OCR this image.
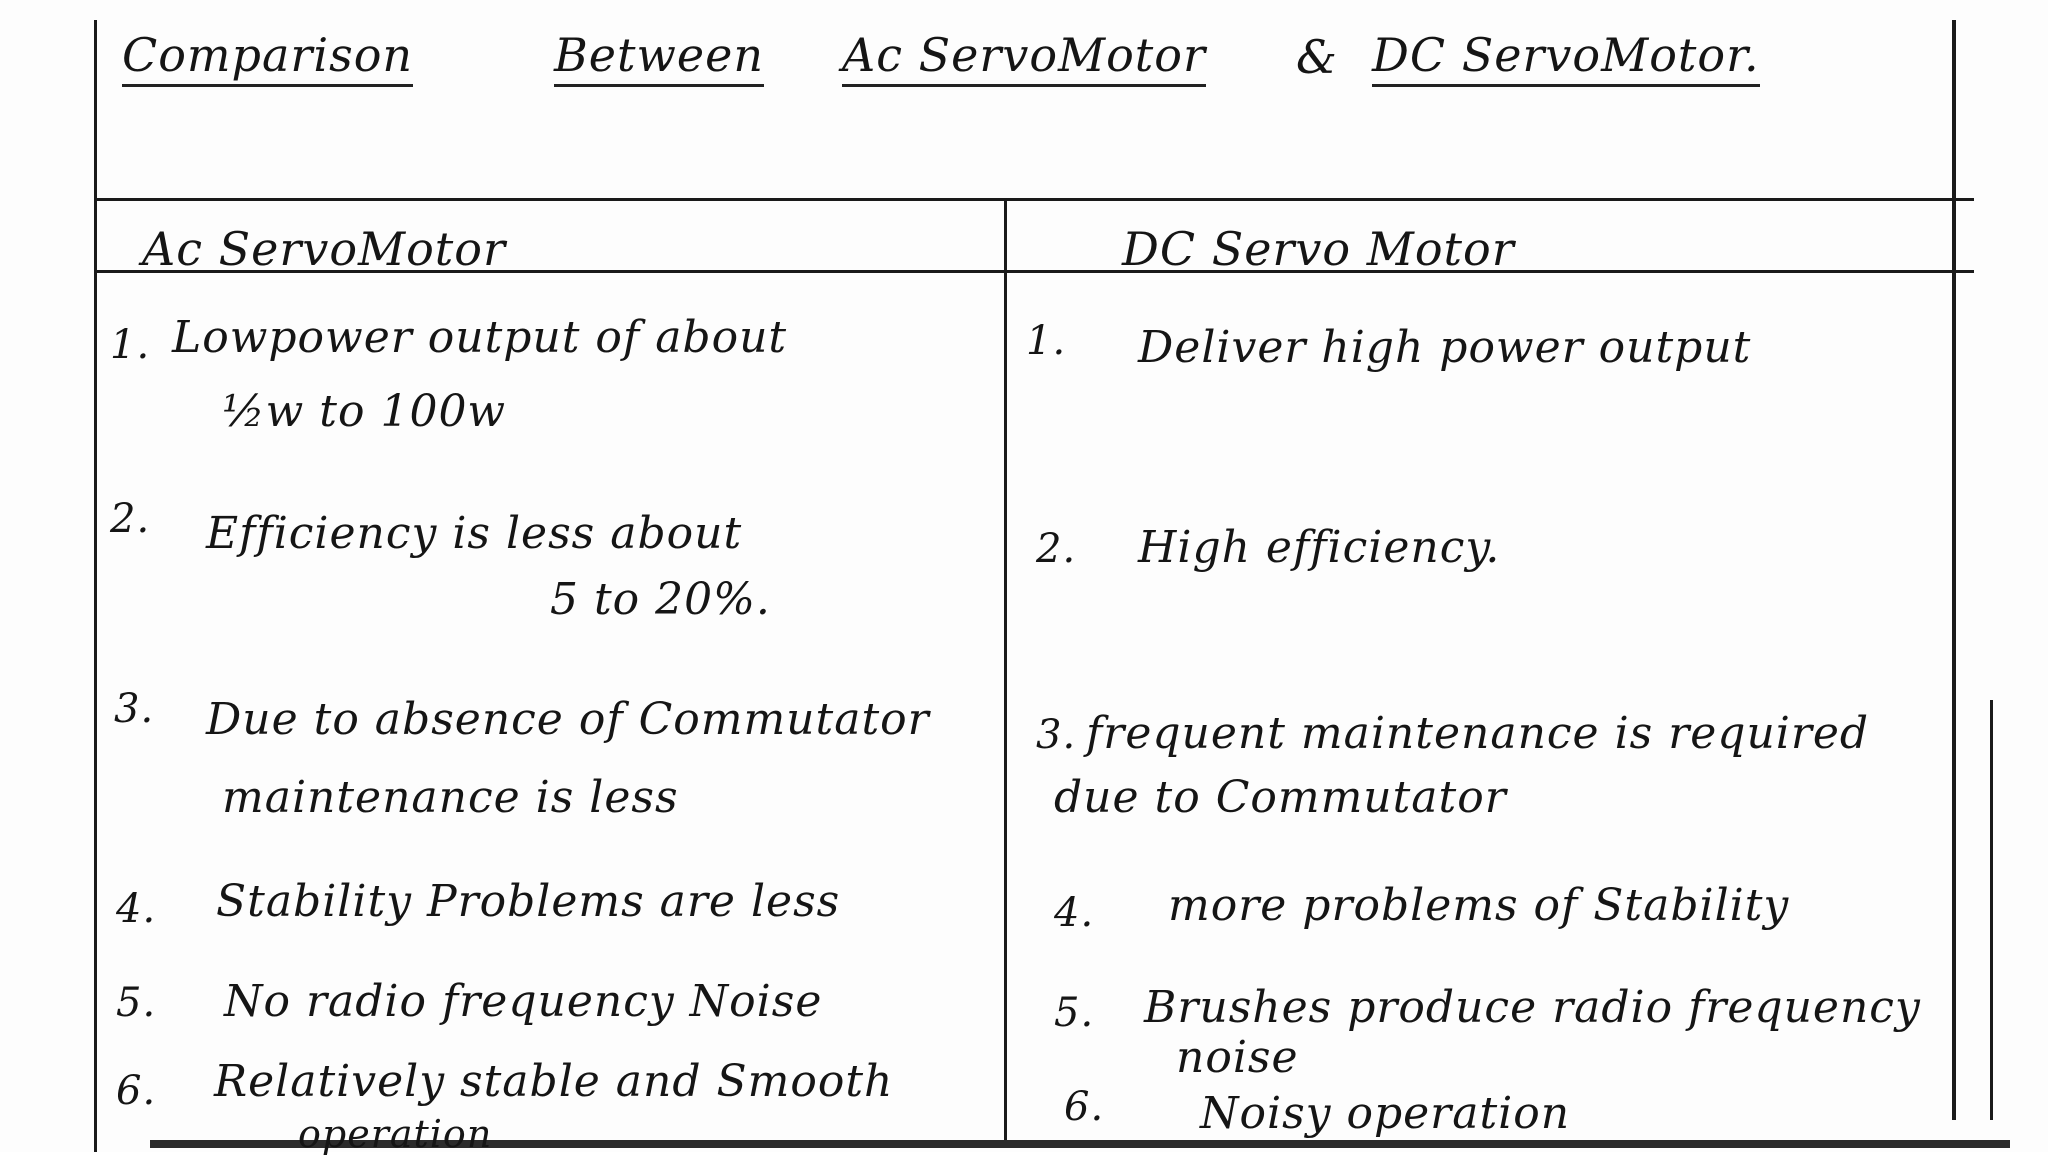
Comparison	Between Ac ServoMotor & DC ServoMotor.
Ac ServoMotor	DC Servo Motor
1. Lowpower output of about
½w to 100w
2. Efficiency is less about
5 to 20%.
3. Due to absence of Commutator
maintenance is less
4. Stability Problems are less
5. No radio frequency Noise
6. Relatively stable and Smooth
operation
1. Deliver high power output
2. High efficiency.
3. frequent maintenance is required
due to Commutator
4. more problems of Stability
5. Brushes produce radio frequency
noise
6. Noisy operation
